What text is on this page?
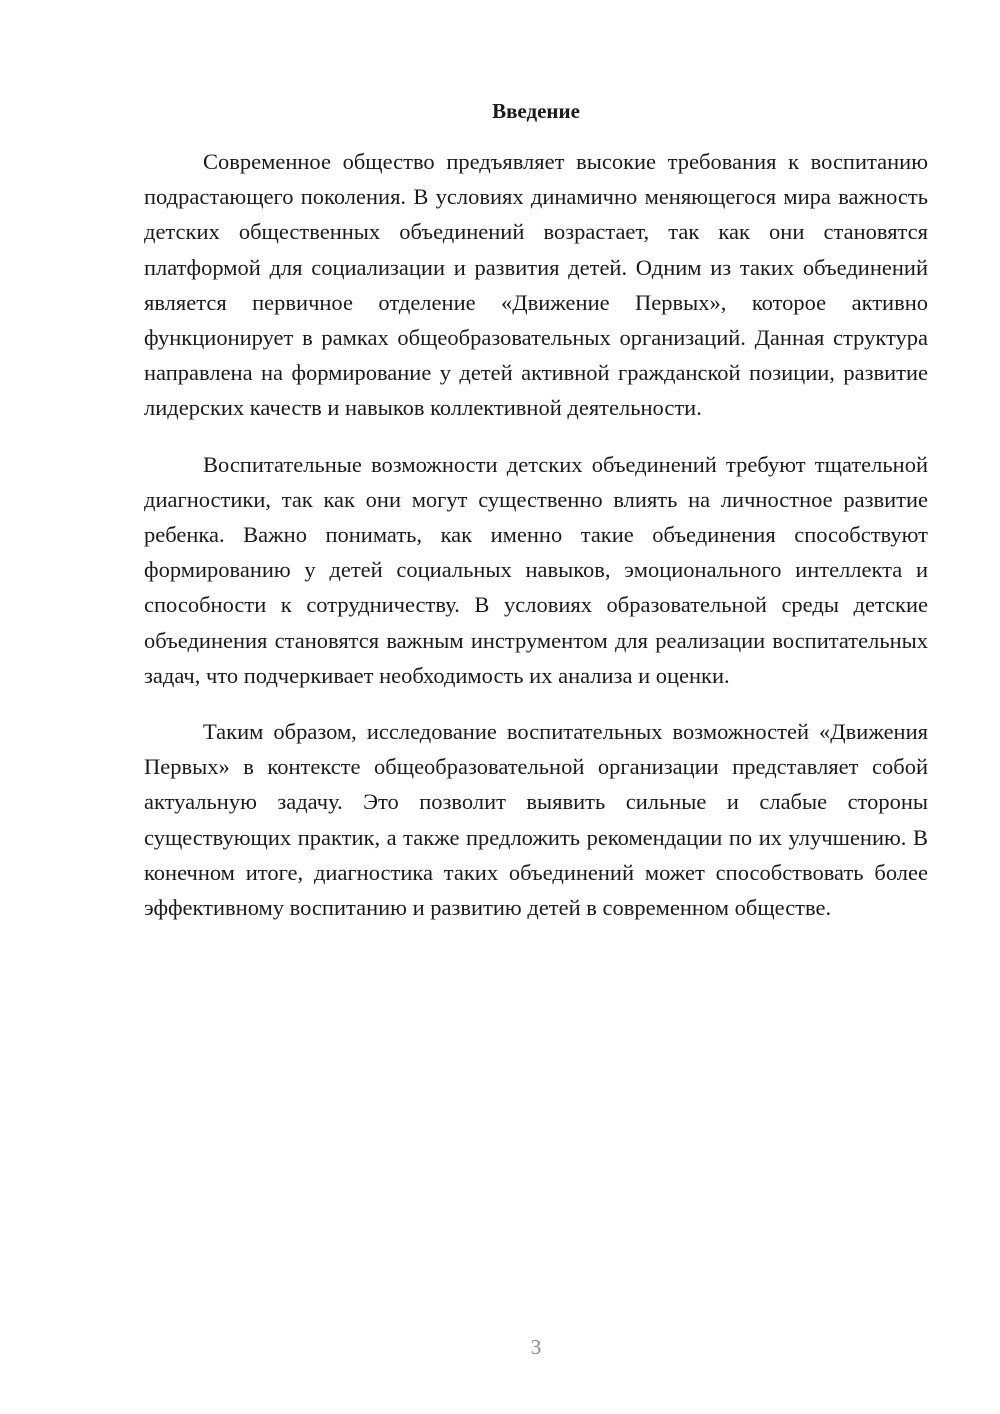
Введение

Современное общество предъявляет высокие требования к воспитанию подрастающего поколения. В условиях динамично меняющегося мира важность детских общественных объединений возрастает, так как они становятся платформой для социализации и развития детей. Одним из таких объединений является первичное отделение «Движение Первых», которое активно функционирует в рамках общеобразовательных организаций. Данная структура направлена на формирование у детей активной гражданской позиции, развитие лидерских качеств и навыков коллективной деятельности.

Воспитательные возможности детских объединений требуют тщательной диагностики, так как они могут существенно влиять на личностное развитие ребенка. Важно понимать, как именно такие объединения способствуют формированию у детей социальных навыков, эмоционального интеллекта и способности к сотрудничеству. В условиях образовательной среды детские объединения становятся важным инструментом для реализации воспитательных задач, что подчеркивает необходимость их анализа и оценки.

Таким образом, исследование воспитательных возможностей «Движения Первых» в контексте общеобразовательной организации представляет собой актуальную задачу. Это позволит выявить сильные и слабые стороны существующих практик, а также предложить рекомендации по их улучшению. В конечном итоге, диагностика таких объединений может способствовать более эффективному воспитанию и развитию детей в современном обществе.

3
